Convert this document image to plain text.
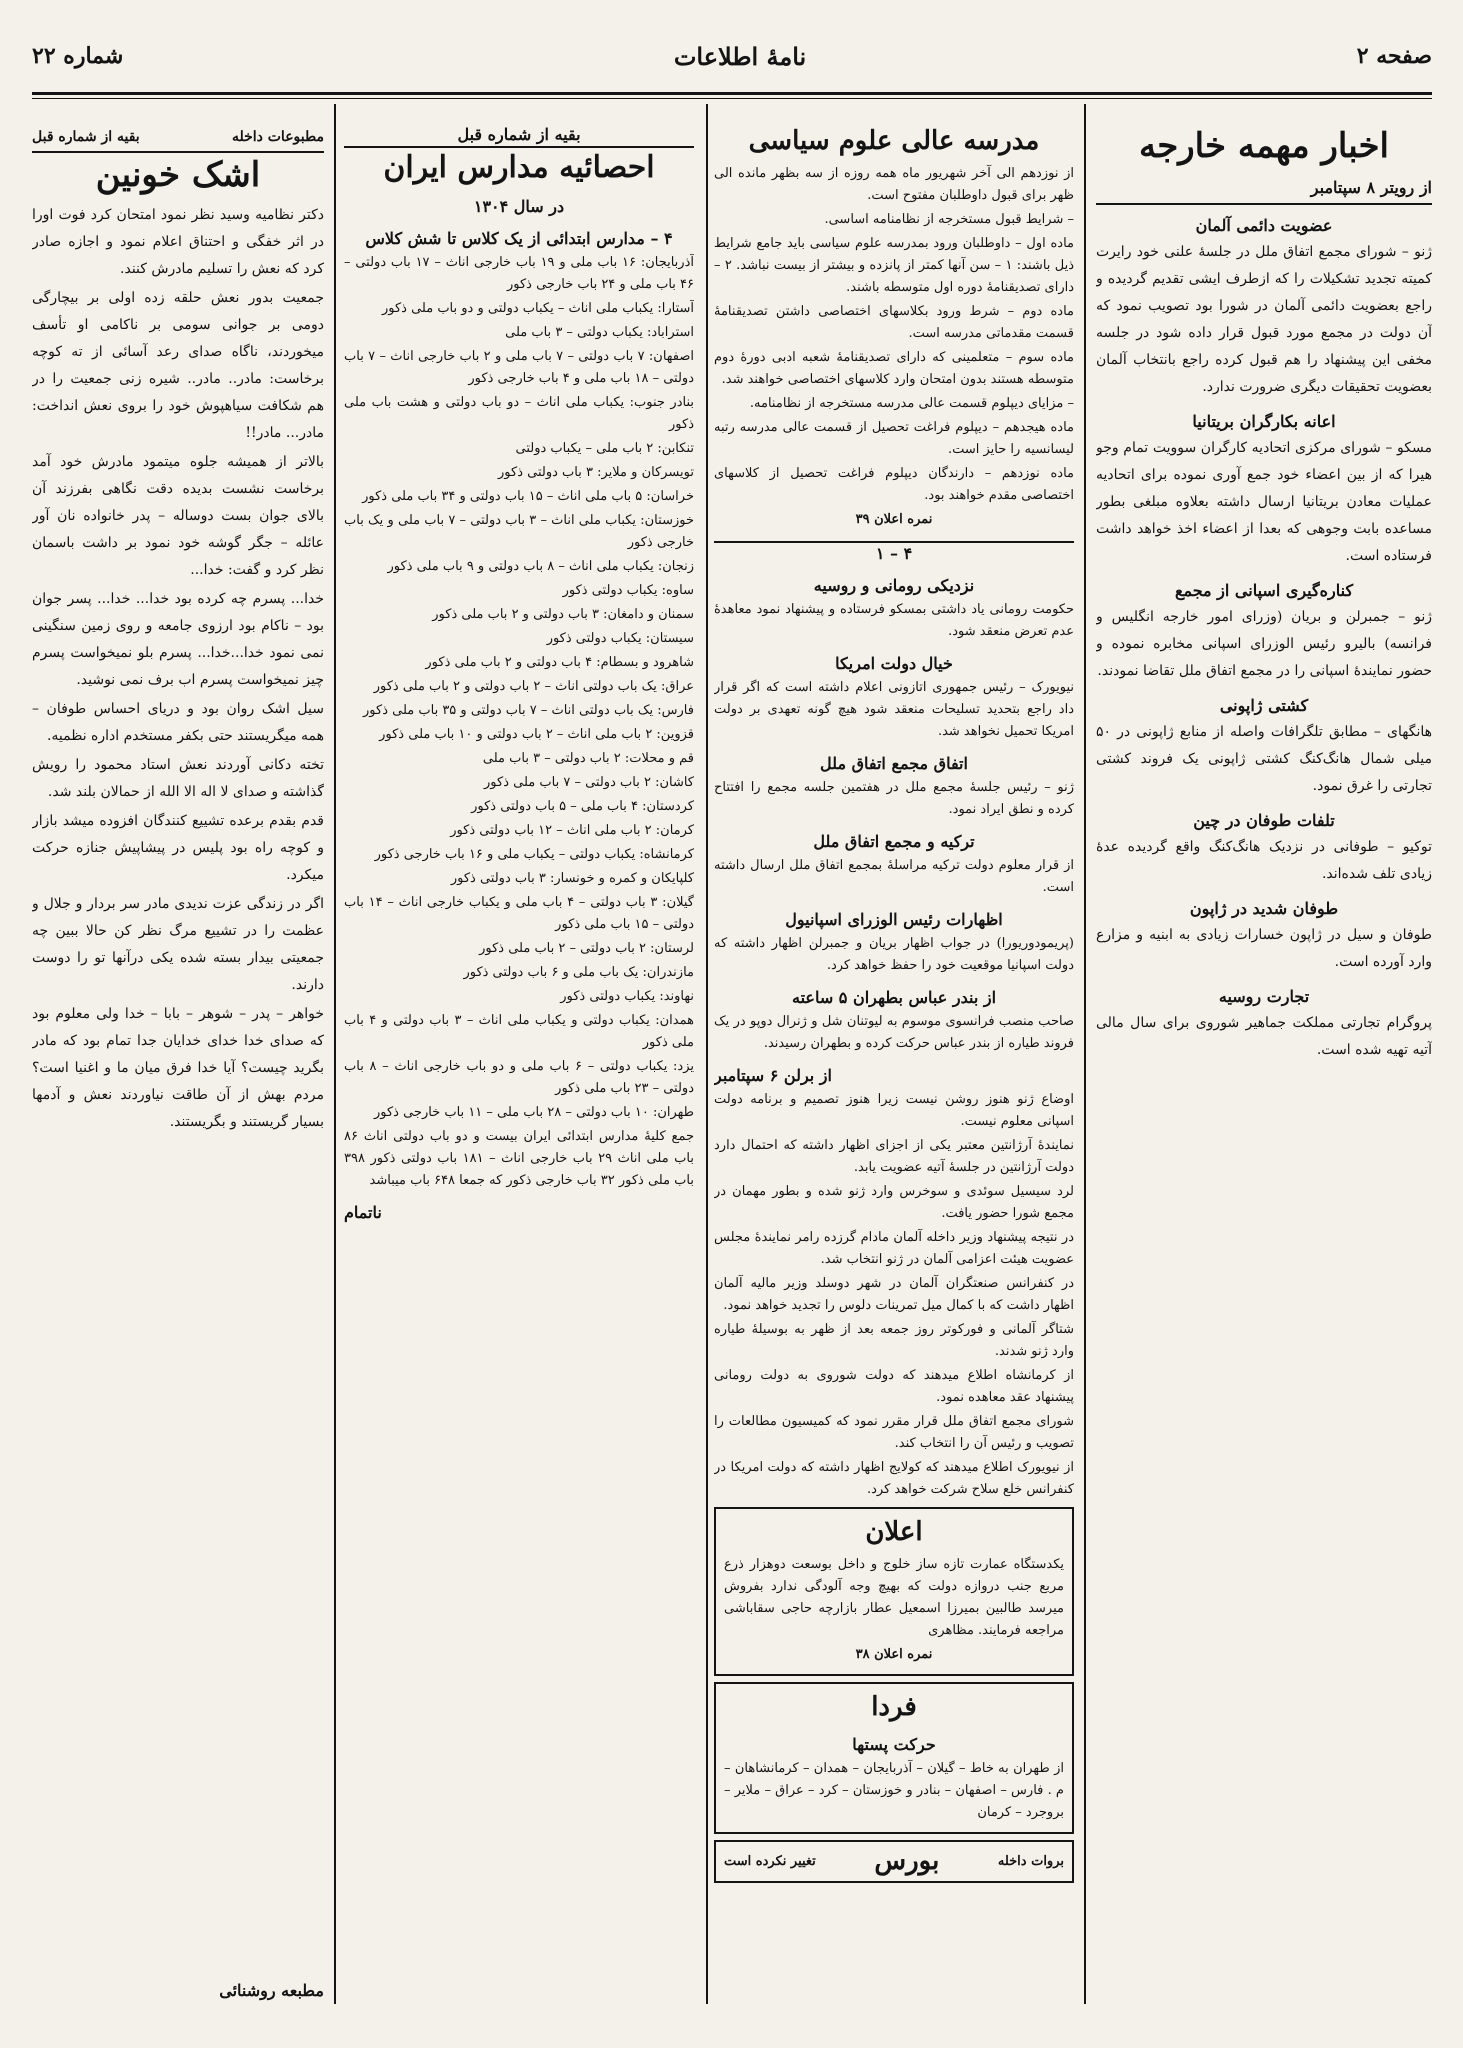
صفحه ۲
نامۀ اطلاعات
شماره ۲۲
اخبار مهمه خارجه
از رویتر ۸ سپتامبر
عضویت دائمی آلمان

ژنو – شورای مجمع اتفاق ملل در جلسهٔ علنی خود رایرت کمیته تجدید تشکیلات را که ازطرف ایشی تقدیم گردیده و راجع بعضویت دائمی آلمان در شورا بود تصویب نمود که آن دولت در مجمع مورد قبول قرار داده شود در جلسه مخفی این پیشنهاد را هم قبول کرده راجع بانتخاب آلمان بعضویت تحقیقات دیگری ضرورت ندارد.

اعانه بکارگران بریتانیا

مسکو – شورای مرکزی اتحادیه کارگران سوویت تمام وجو هیرا که از بین اعضاء خود جمع آوری نموده برای اتحادیه عملیات معادن بریتانیا ارسال داشته بعلاوه مبلغی بطور مساعده بابت وجوهی که بعدا از اعضاء اخذ خواهد داشت فرستاده است.

کناره‌گیری اسپانی از مجمع

ژنو – جمبرلن و بریان (وزرای امور خارجه انگلیس و فرانسه) بالیرو رئیس الوزرای اسپانی مخابره نموده و حضور نمایندۀ اسپانی را در مجمع اتفاق ملل تقاضا نمودند.

کشتی ژاپونی

هانگهای – مطابق تلگرافات واصله از منابع ژاپونی در ۵۰ میلی شمال هانگ‌کنگ کشتی ژاپونی یک فروند کشتی تجارتی را غرق نمود.

تلفات طوفان در چین

توکیو – طوفانی در نزدیک هانگ‌کنگ واقع گردیده عدهٔ زیادی تلف شده‌اند.

طوفان شدید در ژاپون

طوفان و سیل در ژاپون خسارات زیادی به ابنیه و مزارع وارد آورده است.

تجارت روسیه

پروگرام تجارتی مملکت جماهیر شوروی برای سال مالی آتیه تهیه شده است.

مدرسه عالی علوم سیاسی

از نوزدهم الی آخر شهریور ماه همه روزه از سه بظهر مانده الی ظهر برای قبول داوطلبان مفتوح است.

– شرایط قبول مستخرجه از نظامنامه اساسی.

ماده اول – داوطلبان ورود بمدرسه علوم سیاسی باید جامع شرایط ذیل باشند: ۱ – سن آنها کمتر از پانزده و بیشتر از بیست نباشد. ۲ – دارای تصدیقنامهٔ دوره اول متوسطه باشند.

ماده دوم – شرط ورود بکلاسهای اختصاصی داشتن تصدیقنامهٔ قسمت مقدماتی مدرسه است.

ماده سوم – متعلمینی که دارای تصدیقنامهٔ شعبه ادبی دورهٔ دوم متوسطه هستند بدون امتحان وارد کلاسهای اختصاصی خواهند شد.

– مزایای دیپلوم قسمت عالی مدرسه مستخرجه از نظامنامه.

ماده هیجدهم – دیپلوم فراغت تحصیل از قسمت عالی مدرسه رتبه لیسانسیه را حایز است.

ماده نوزدهم – دارندگان دیپلوم فراغت تحصیل از کلاسهای اختصاصی مقدم خواهند بود.

نمره اعلان ۳۹

۴ – ۱
نزدیکی رومانی و روسیه

حکومت رومانی یاد داشتی بمسکو فرستاده و پیشنهاد نمود معاهدهٔ عدم تعرض منعقد شود.

خیال دولت امریکا

نیویورک – رئیس جمهوری اتازونی اعلام داشته است که اگر قرار داد راجع بتحدید تسلیحات منعقد شود هیچ گونه تعهدی بر دولت امریکا تحمیل نخواهد شد.

اتفاق مجمع اتفاق ملل

ژنو – رئیس جلسهٔ مجمع ملل در هفتمین جلسه مجمع را افتتاح کرده و نطق ایراد نمود.

ترکیه و مجمع اتفاق ملل

از قرار معلوم دولت ترکیه مراسلهٔ بمجمع اتفاق ملل ارسال داشته است.

اظهارات رئیس الوزرای اسپانیول

(پریمودوریورا) در جواب اظهار بریان و جمبرلن اظهار داشته که دولت اسپانیا موقعیت خود را حفظ خواهد کرد.

از بندر عباس بطهران ۵ ساعته

صاحب منصب فرانسوی موسوم به لیوتنان شل و ژنرال دوپو در یک فروند طیاره از بندر عباس حرکت کرده و بطهران رسیدند.

از برلن ۶ سپتامبر

اوضاع ژنو هنوز روشن نیست زیرا هنوز تصمیم و برنامه دولت اسپانی معلوم نیست.

نمایندهٔ آرژانتین معتبر یکی از اجزای اظهار داشته که احتمال دارد دولت آرژانتین در جلسهٔ آتیه عضویت یابد.

لرد سیسیل سوئدی و سوخرس وارد ژنو شده و بطور مهمان در مجمع شورا حضور یافت.

در نتیجه پیشنهاد وزیر داخله آلمان مادام گرزده رامر نمایندۀ مجلس عضویت هیئت اعزامی آلمان در ژنو انتخاب شد.

در کنفرانس صنعتگران آلمان در شهر دوسلد وزیر مالیه آلمان اظهار داشت که با کمال میل تمرینات دلوس را تجدید خواهد نمود.

شتاگر آلمانی و فورکوتر روز جمعه بعد از ظهر به بوسیلهٔ طیاره وارد ژنو شدند.

از کرمانشاه اطلاع میدهند که دولت شوروی به دولت رومانی پیشنهاد عقد معاهده نمود.

شورای مجمع اتفاق ملل قرار مقرر نمود که کمیسیون مطالعات را تصویب و رئیس آن را انتخاب کند.

از نیویورک اطلاع میدهند که کولایج اظهار داشته که دولت امریکا در کنفرانس خلع سلاح شرکت خواهد کرد.

اعلان

یکدستگاه عمارت تازه ساز خلوج و داخل بوسعت دوهزار ذرع مربع جنب دروازه دولت که بهیچ وجه آلودگی ندارد بفروش میرسد طالبین بمیرزا اسمعیل عطار بازارچه حاجی سقاباشی مراجعه فرمایند. مظاهری

نمره اعلان ۳۸

فردا
حرکت پستها

از طهران به خاط – گیلان – آذربایجان – همدان – کرمانشاهان – م . فارس – اصفهان – بنادر و خوزستان – کرد – عراق – ملایر – بروجرد – کرمان

بروات داخله
بورس
تغییر نکرده است
مطبوعات داخله
بقیه از شماره قبل
اشک خونین

دکتر نظامیه وسید نظر نمود امتحان کرد فوت اورا در اثر خفگی و احتناق اعلام نمود و اجازه صادر کرد که نعش را تسلیم مادرش کنند.

جمعیت بدور نعش حلقه زده اولی بر بیچارگی دومی بر جوانی سومی بر ناکامی او تأسف میخوردند، ناگاه صدای رعد آسائی از ته کوچه برخاست: مادر.. مادر.. شیره زنی جمعیت را در هم شکافت سیاهپوش خود را بروی نعش انداخت: مادر... مادر!!

بالاتر از همیشه جلوه میتمود مادرش خود آمد برخاست نشست بدیده دقت نگاهی بفرزند آن بالای جوان بست دوساله – پدر خانواده نان آور عائله – جگر گوشه خود نمود بر داشت باسمان نظر کرد و گفت: خدا...

خدا... پسرم چه کرده بود خدا... خدا... پسر جوان بود – ناکام بود ارزوی جامعه و روی زمین سنگینی نمی نمود خدا...خدا... پسرم بلو نمیخواست پسرم چیز نمیخواست پسرم اب برف نمی نوشید.

سیل اشک روان بود و دریای احساس طوفان – همه میگریستند حتی بکفر مستخدم اداره نظمیه.

تخته دکانی آوردند نعش استاد محمود را رویش گذاشته و صدای لا اله الا الله از حمالان بلند شد.

قدم بقدم برعده تشییع کنندگان افزوده میشد بازار و کوچه راه بود پلیس در پیشاپیش جنازه حرکت میکرد.

اگر در زندگی عزت ندیدی مادر سر بردار و جلال و عظمت را در تشییع مرگ نظر کن حالا ببین چه جمعیتی بیدار بسته شده یکی درآنها تو را دوست دارند.

خواهر – پدر – شوهر – بابا – خدا ولی معلوم بود که صدای خدا خدای خدایان جدا تمام بود که مادر بگرید چیست؟ آیا خدا فرق میان ما و اغنیا است؟ مردم بهش از آن طاقت نیاوردند نعش و آدمها بسیار گریستند و بگریستند.

مطبعه روشنائی
بقیه از شماره قبل
احصائیه مدارس ایران
در سال ۱۳۰۴
۴ – مدارس ابتدائی از یک کلاس تا شش کلاس

آذربایجان: ۱۶ باب ملی و ۱۹ باب خارجی اناث – ۱۷ باب دولتی – ۴۶ باب ملی و ۲۴ باب خارجی ذکور

آستارا: یکباب ملی اناث – یکباب دولتی و دو باب ملی ذکور

استراباد: یکباب دولتی – ۳ باب ملی

اصفهان: ۷ باب دولتی – ۷ باب ملی و ۲ باب خارجی اناث – ۷ باب دولتی – ۱۸ باب ملی و ۴ باب خارجی ذکور

بنادر جنوب: یکباب ملی اناث – دو باب دولتی و هشت باب ملی ذکور

تنکابن: ۲ باب ملی – یکباب دولتی

تویسرکان و ملایر: ۳ باب دولتی ذکور

خراسان: ۵ باب ملی اناث – ۱۵ باب دولتی و ۳۴ باب ملی ذکور

خوزستان: یکباب ملی اناث – ۳ باب دولتی – ۷ باب ملی و یک باب خارجی ذکور

زنجان: یکباب ملی اناث – ۸ باب دولتی و ۹ باب ملی ذکور

ساوه: یکباب دولتی ذکور

سمنان و دامغان: ۳ باب دولتی و ۲ باب ملی ذکور

سیستان: یکباب دولتی ذکور

شاهرود و بسطام: ۴ باب دولتی و ۲ باب ملی ذکور

عراق: یک باب دولتی اناث – ۲ باب دولتی و ۲ باب ملی ذکور

فارس: یک باب دولتی اناث – ۷ باب دولتی و ۳۵ باب ملی ذکور

قزوین: ۲ باب ملی اناث – ۲ باب دولتی و ۱۰ باب ملی ذکور

قم و محلات: ۲ باب دولتی – ۳ باب ملی

کاشان: ۲ باب دولتی – ۷ باب ملی ذکور

کردستان: ۴ باب ملی – ۵ باب دولتی ذکور

کرمان: ۲ باب ملی اناث – ۱۲ باب دولتی ذکور

کرمانشاه: یکباب دولتی – یکباب ملی و ۱۶ باب خارجی ذکور

کلپایکان و کمره و خونسار: ۳ باب دولتی ذکور

گیلان: ۳ باب دولتی – ۴ باب ملی و یکباب خارجی اناث – ۱۴ باب دولتی – ۱۵ باب ملی ذکور

لرستان: ۲ باب دولتی – ۲ باب ملی ذکور

مازندران: یک باب ملی و ۶ باب دولتی ذکور

نهاوند: یکباب دولتی ذکور

همدان: یکباب دولتی و یکباب ملی اناث – ۳ باب دولتی و ۴ باب ملی ذکور

یزد: یکباب دولتی – ۶ باب ملی و دو باب خارجی اناث – ۸ باب دولتی – ۲۳ باب ملی ذکور

طهران: ۱۰ باب دولتی – ۲۸ باب ملی – ۱۱ باب خارجی ذکور

جمع کلیهٔ مدارس ابتدائی ایران بیست و دو باب دولتی اناث ۸۶ باب ملی اناث ۲۹ باب خارجی اناث – ۱۸۱ باب دولتی ذکور ۳۹۸ باب ملی ذکور ۳۲ باب خارجی ذکور که جمعا ۶۴۸ باب میباشد

ناتمام
